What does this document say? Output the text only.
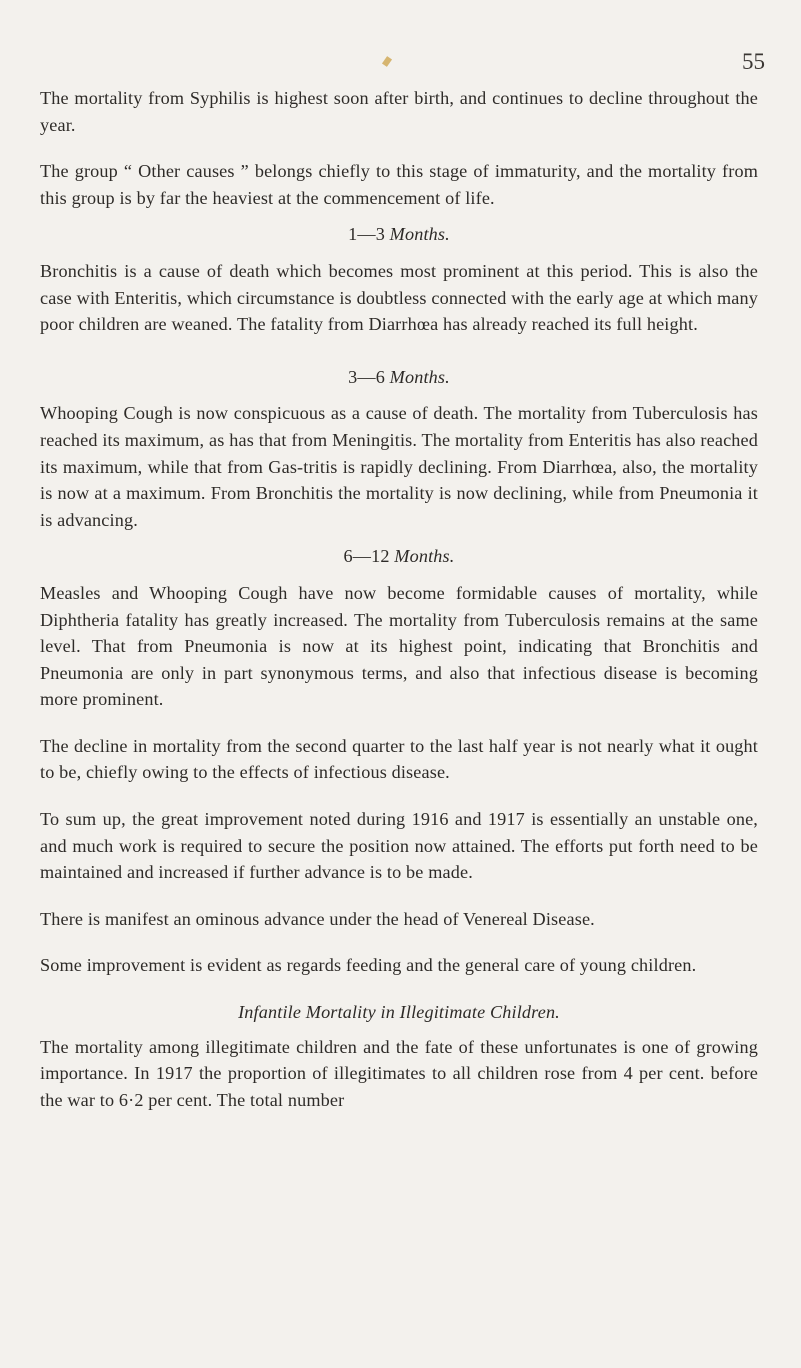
55

The mortality from Syphilis is highest soon after birth, and continues to decline throughout the year.

The group “ Other causes ” belongs chiefly to this stage of immaturity, and the mortality from this group is by far the heaviest at the commencement of life.

1—3 Months.

Bronchitis is a cause of death which becomes most prominent at this period. This is also the case with Enteritis, which circumstance is doubtless connected with the early age at which many poor children are weaned. The fatality from Diarrhœa has already reached its full height.

3—6 Months.

Whooping Cough is now conspicuous as a cause of death. The mortality from Tuberculosis has reached its maximum, as has that from Meningitis. The mortality from Enteritis has also reached its maximum, while that from Gas-tritis is rapidly declining. From Diarrhœa, also, the mortality is now at a maximum. From Bronchitis the mortality is now declining, while from Pneumonia it is advancing.

6—12 Months.

Measles and Whooping Cough have now become formidable causes of mortality, while Diphtheria fatality has greatly increased. The mortality from Tuberculosis remains at the same level. That from Pneumonia is now at its highest point, indicating that Bronchitis and Pneumonia are only in part synonymous terms, and also that infectious disease is becoming more prominent.

The decline in mortality from the second quarter to the last half year is not nearly what it ought to be, chiefly owing to the effects of infectious disease.

To sum up, the great improvement noted during 1916 and 1917 is essentially an unstable one, and much work is required to secure the position now attained. The efforts put forth need to be maintained and increased if further advance is to be made.

There is manifest an ominous advance under the head of Venereal Disease.

Some improvement is evident as regards feeding and the general care of young children.

Infantile Mortality in Illegitimate Children.

The mortality among illegitimate children and the fate of these unfortunates is one of growing importance. In 1917 the proportion of illegitimates to all children rose from 4 per cent. before the war to 6·2 per cent. The total number
